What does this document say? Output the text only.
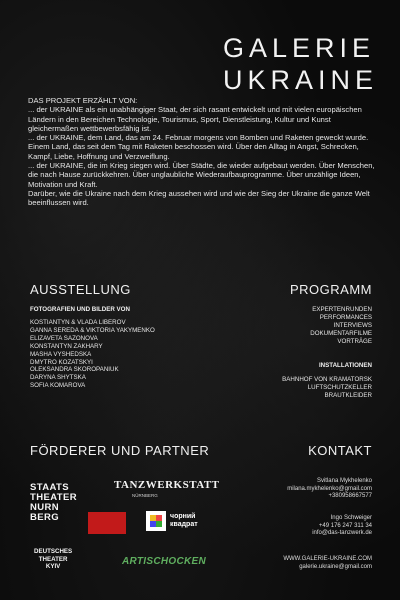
GALERIE
UKRAINE

DAS PROJEKT ERZÄHLT VON:

... der UKRAINE als ein unabhängiger Staat, der sich rasant entwickelt und mit vielen europäischen Ländern in den Bereichen Technologie, Tourismus, Sport, Dienstleistung, Kultur und Kunst gleichermaßen wettbewerbsfähig ist.

... der UKRAINE, dem Land, das am 24. Februar morgens von Bomben und Raketen geweckt wurde. Einem Land, das seit dem Tag mit Raketen beschossen wird. Über den Alltag in Angst, Schrecken, Kampf, Liebe, Hoffnung und Verzweiflung.

... der UKRAINE, die im Krieg siegen wird. Über Städte, die wieder aufgebaut werden. Über Menschen, die nach Hause zurückkehren. Über unglaubliche Wiederaufbauprogramme. Über unzählige Ideen, Motivation und Kraft.

Darüber, wie die Ukraine nach dem Krieg aussehen wird und wie der Sieg der Ukraine die ganze Welt beeinflussen wird.

AUSSTELLUNG
FOTOGRAFIEN UND BILDER VON
KOSTIANTYN & VLADA LIBEROV
GANNA SEREDA & VIKTORIA YAKYMENKO
ELIZAVETA SAZONOVA
KONSTANTYN ZAKHARY
MASHA VYSHEDSKA
DMYTRO KOZATSKYI
OLEKSANDRA SKOROPANIUK
DARYNA SHYTSKA
SOFIA KOMAROVA
PROGRAMM
EXPERTENRUNDEN
PERFORMANCES
INTERVIEWS
DOKUMENTARFILME
VORTRÄGE
INSTALLATIONEN
BAHNHOF VON KRAMATORSK
LUFTSCHUTZKELLER
BRAUTKLEIDER
FÖRDERER UND PARTNER
STAATS
THEATER
NURN
BERG
TANZWERKSTATT
NÜRNBERG
чорний
квадрат
DEUTSCHES
THEATER
KYIV	ARTISCHOCKEN
KONTAKT
Svitlana Mykhelenko
milana.mykhelenko@gmail.com
+380958667577
Ingo Schweiger
+49 176 247 311 34
info@das-tanzwerk.de
WWW.GALERIE-UKRAINE.COM
galerie.ukraine@gmail.com
